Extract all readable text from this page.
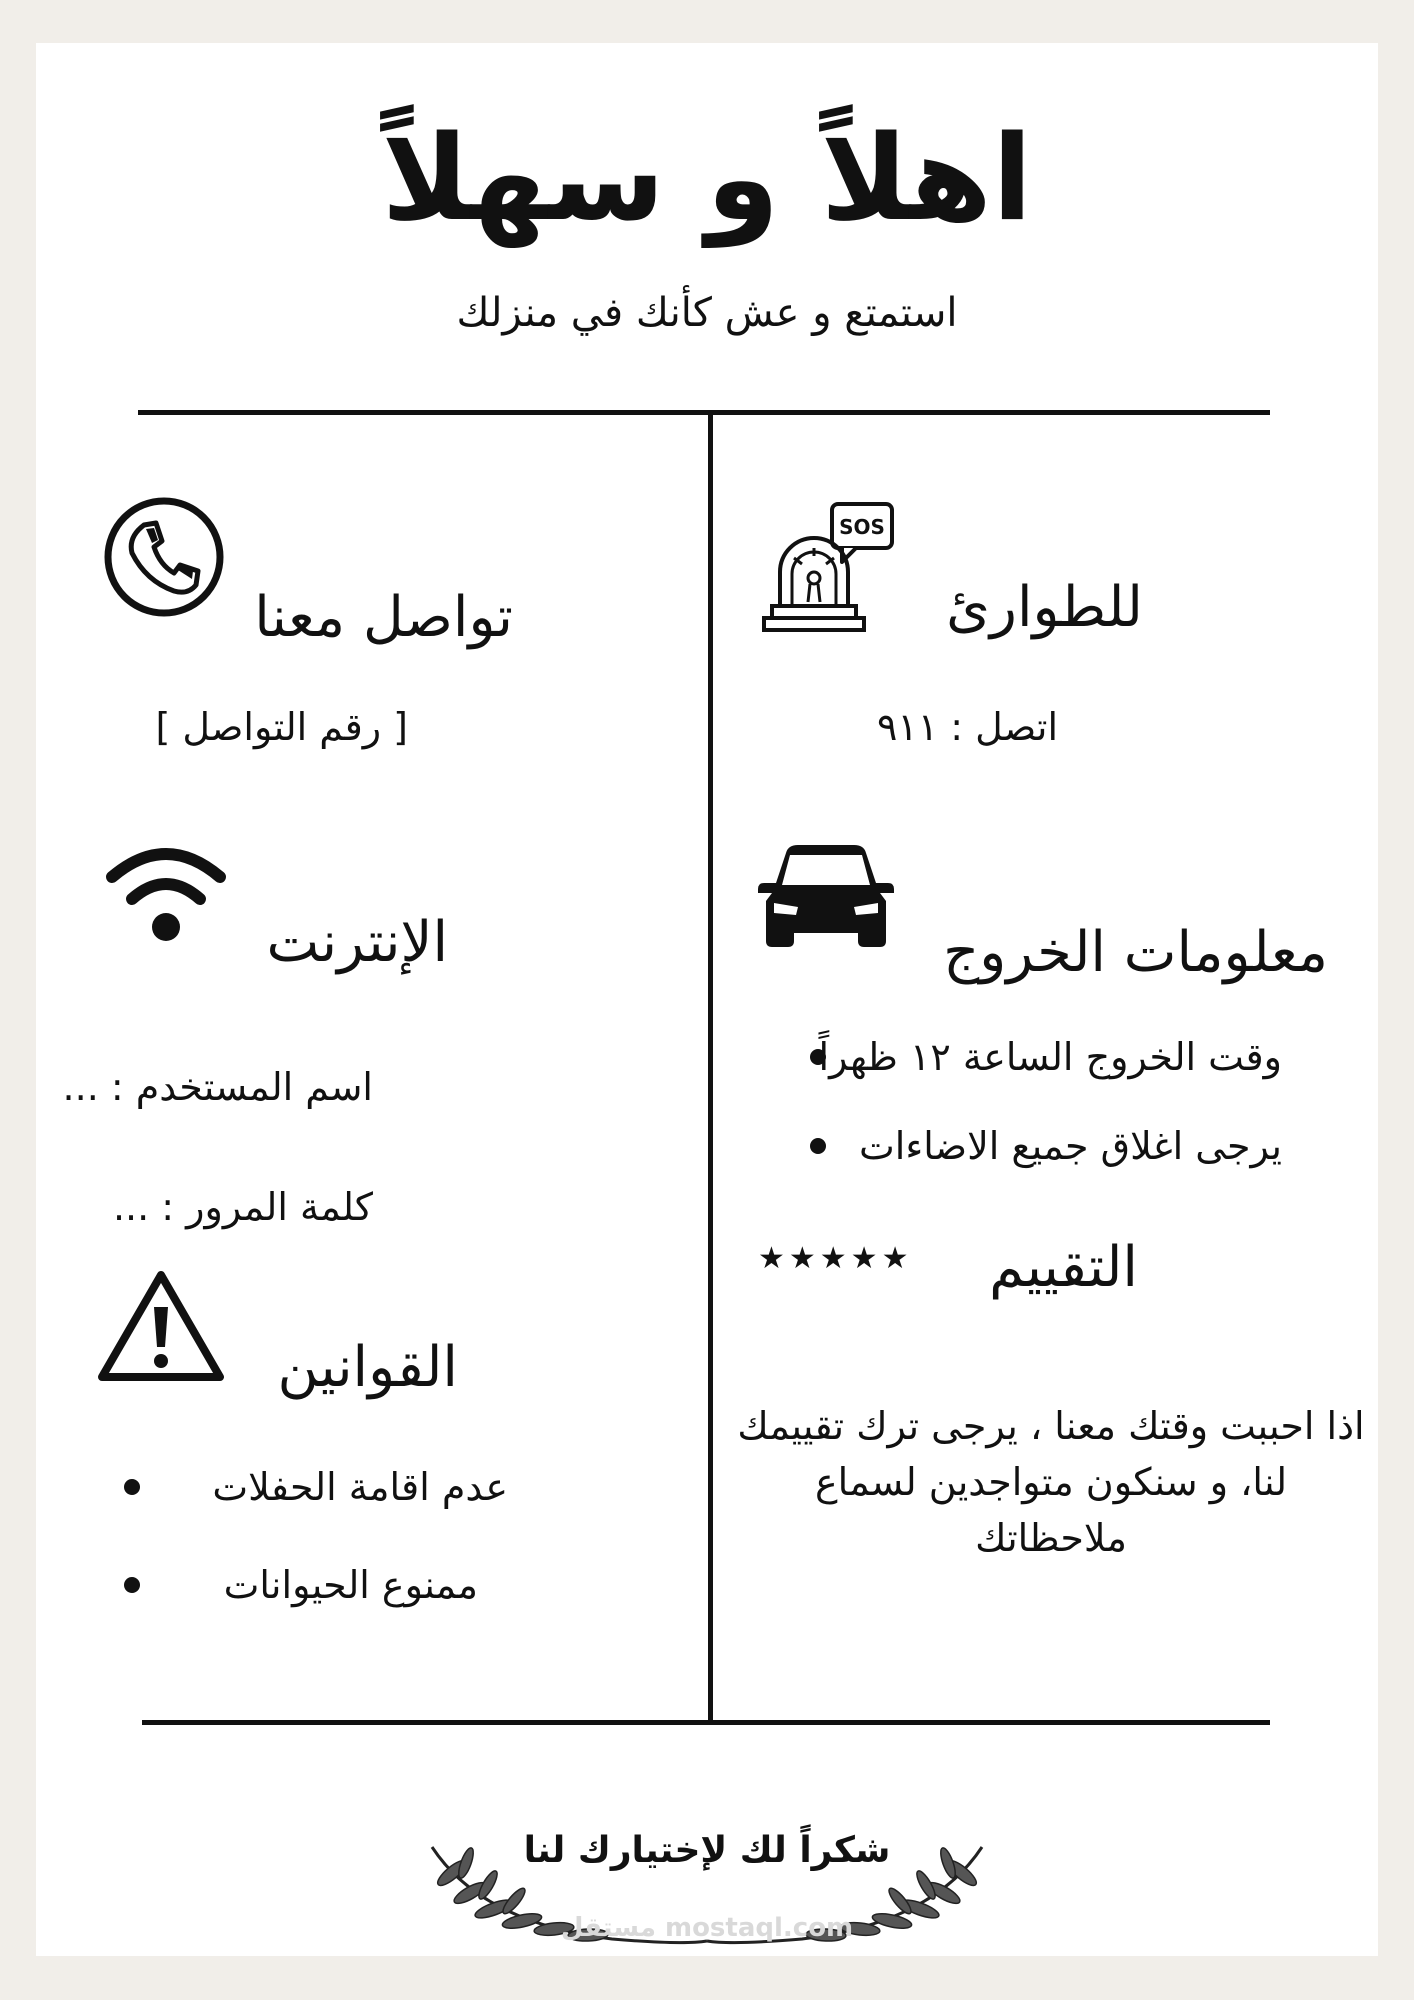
اهلاً و سهلاً
استمتع و عش كأنك في منزلك
SOS
للطوارئ
اتصل : ٩١١
معلومات الخروج
وقت الخروج الساعة ١٢ ظهراً
يرجى اغلاق جميع الاضاءات
التقييم
★★★★★
اذا احببت وقتك معنا ، يرجى ترك تقييمك لنا، و سنكون متواجدين لسماع ملاحظاتك
تواصل معنا
[ رقم التواصل ]
الإنترنت
اسم المستخدم : ...
كلمة المرور : ...
القوانين
عدم اقامة الحفلات
ممنوع الحيوانات
شكراً لك لإختيارك لنا
مستقل mostaql.com
